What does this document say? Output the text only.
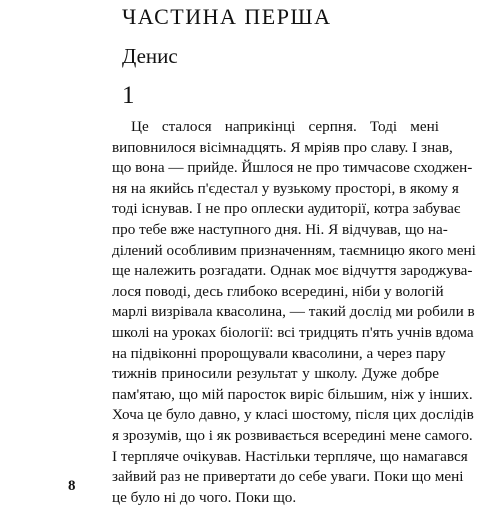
ЧАСТИНА ПЕРША
Денис
1
Це сталося наприкінці серпня. Тоді мені
виповнилося вісімнадцять. Я мріяв про славу. І знав,
що вона — прийде. Йшлося не про тимчасове сходжен-
ня на якийсь п'єдестал у вузькому просторі, в якому я
тоді існував. І не про оплески аудиторії, котра забуває
про тебе вже наступного дня. Ні. Я відчував, що на-
ділений особливим призначенням, таємницю якого мені
ще належить розгадати. Однак моє відчуття зароджува-
лося поводі, десь глибоко всередині, ніби у вологій
марлі визрівала квасолина, — такий дослід ми робили в
школі на уроках біології: всі тридцять п'ять учнів вдома
на підвіконні пророщували квасолини, а через пару
тижнів приносили результат у школу. Дуже добре
пам'ятаю, що мій паросток виріс більшим, ніж у інших.
Хоча це було давно, у класі шостому, після цих дослідів
я зрозумів, що і як розвивається всередині мене самого.
І терпляче очікував. Настільки терпляче, що намагався
зайвий раз не привертати до себе уваги. Поки що мені
це було ні до чого. Поки що.
8
